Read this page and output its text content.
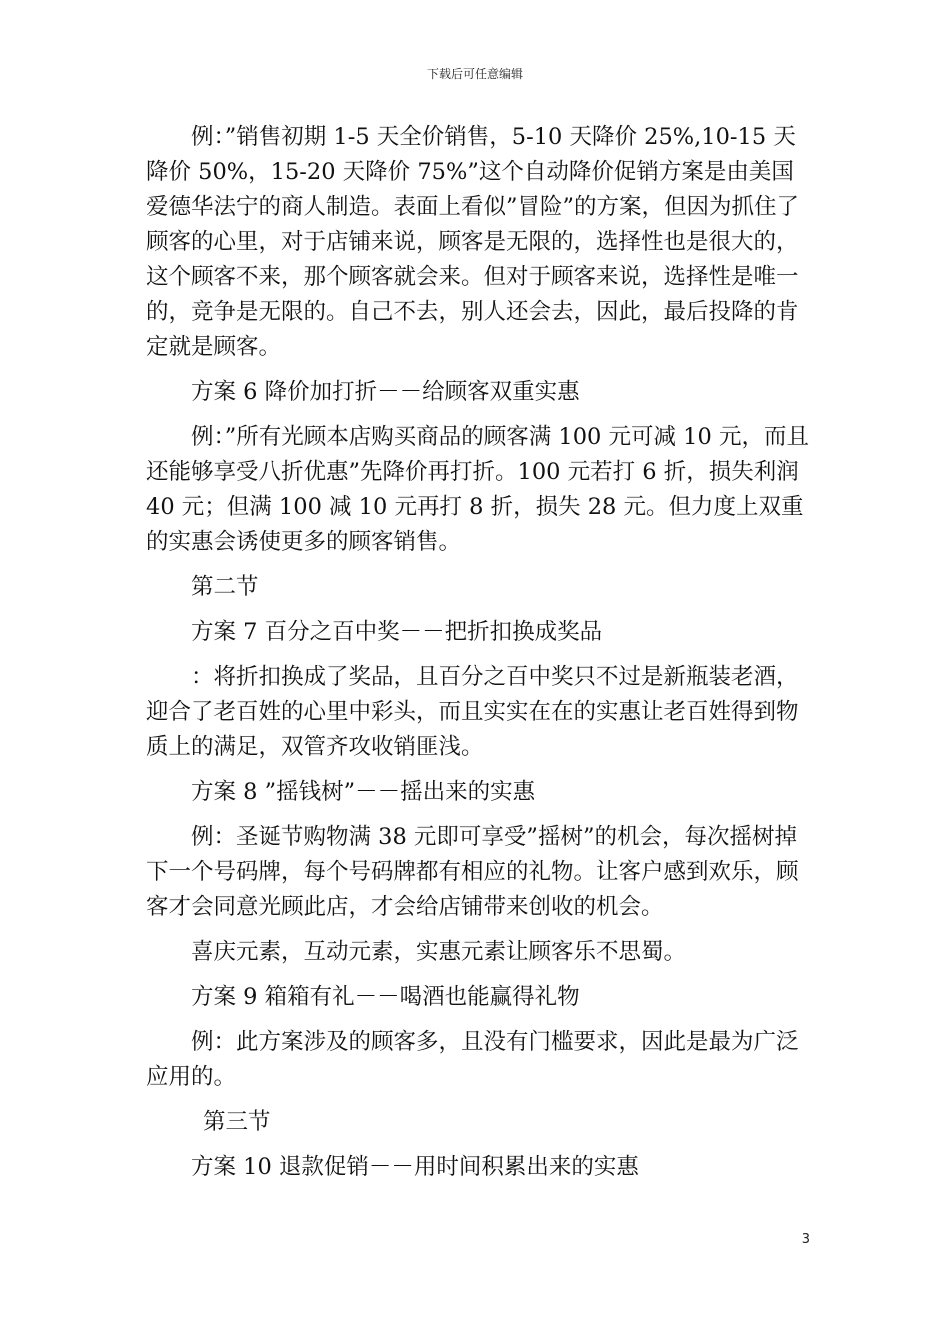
下载后可任意编辑

例：”销售初期 1-5 天全价销售，5-10 天降价 25%,10-15 天降价 50%，15-20 天降价 75%”这个自动降价促销方案是由美国爱德华法宁的商人制造。表面上看似”冒险”的方案，但因为抓住了顾客的心里，对于店铺来说，顾客是无限的，选择性也是很大的，这个顾客不来，那个顾客就会来。但对于顾客来说，选择性是唯一的，竞争是无限的。自己不去，别人还会去，因此，最后投降的肯定就是顾客。

方案 6 降价加打折－－给顾客双重实惠

例：”所有光顾本店购买商品的顾客满 100 元可减 10 元，而且还能够享受八折优惠”先降价再打折。100 元若打 6 折，损失利润 40 元；但满 100 减 10 元再打 8 折，损失 28 元。但力度上双重的实惠会诱使更多的顾客销售。

第二节

方案 7 百分之百中奖－－把折扣换成奖品

：将折扣换成了奖品，且百分之百中奖只不过是新瓶装老酒，迎合了老百姓的心里中彩头，而且实实在在的实惠让老百姓得到物质上的满足，双管齐攻收销匪浅。

方案 8 ”摇钱树”－－摇出来的实惠

例：圣诞节购物满 38 元即可享受”摇树”的机会，每次摇树掉下一个号码牌，每个号码牌都有相应的礼物。让客户感到欢乐，顾客才会同意光顾此店，才会给店铺带来创收的机会。

喜庆元素，互动元素，实惠元素让顾客乐不思蜀。

方案 9 箱箱有礼－－喝酒也能赢得礼物

例：此方案涉及的顾客多，且没有门槛要求，因此是最为广泛应用的。

第三节

方案 10 退款促销－－用时间积累出来的实惠

3
